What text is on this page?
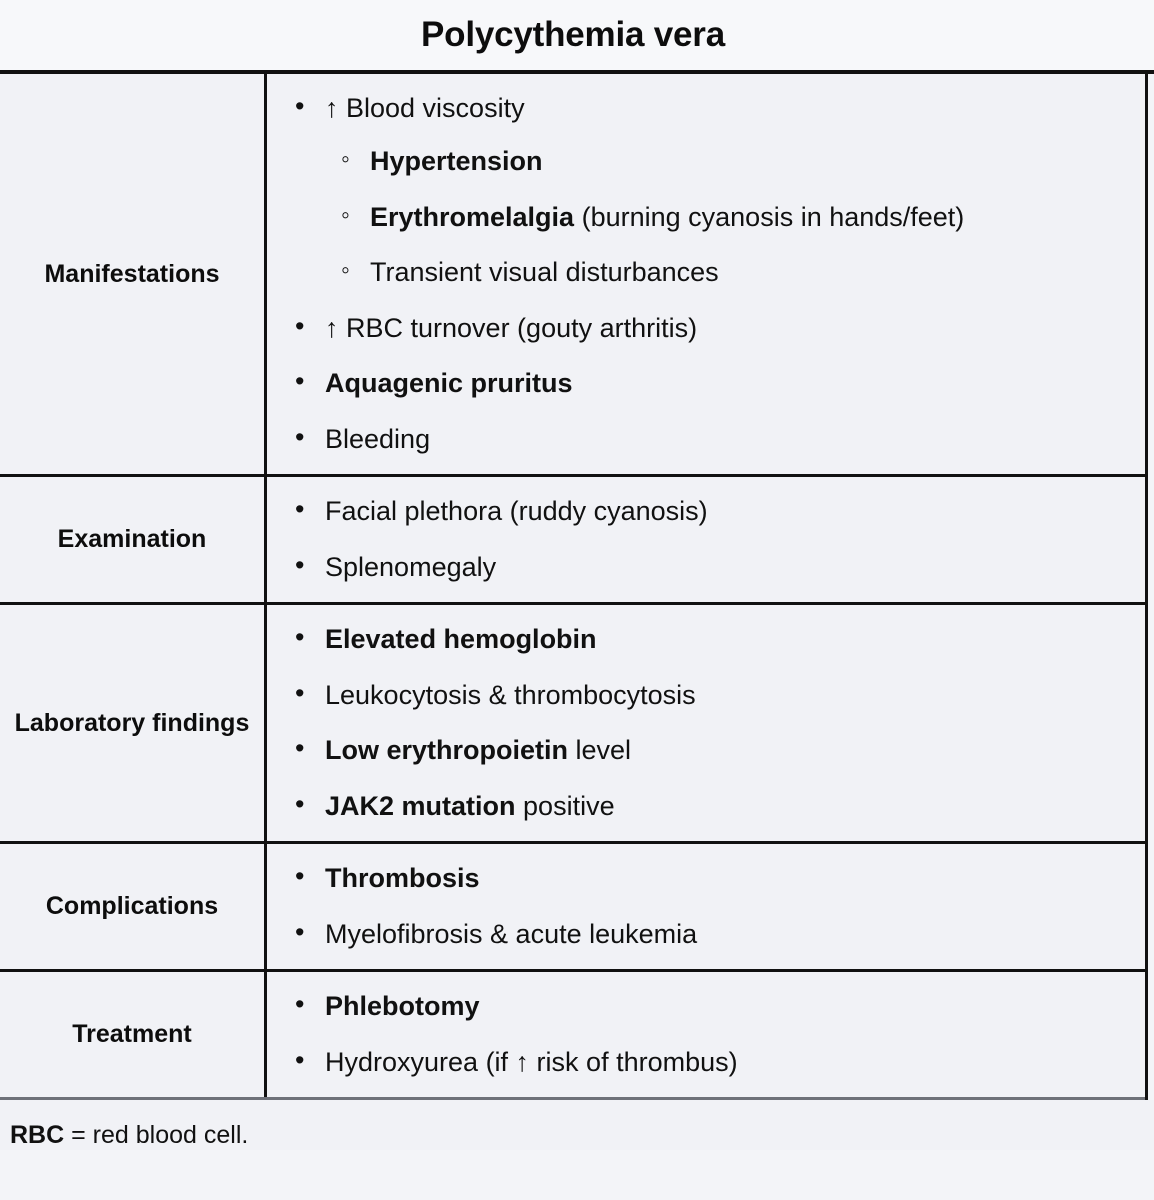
Polycythemia vera
Manifestations
• ↑ Blood viscosity
◦ Hypertension
◦ Erythromelalgia (burning cyanosis in hands/feet)
◦ Transient visual disturbances
• ↑ RBC turnover (gouty arthritis)
• Aquagenic pruritus
• Bleeding
Examination
• Facial plethora (ruddy cyanosis)
• Splenomegaly
Laboratory findings
• Elevated hemoglobin
• Leukocytosis & thrombocytosis
• Low erythropoietin level
• JAK2 mutation positive
Complications
• Thrombosis
• Myelofibrosis & acute leukemia
Treatment
• Phlebotomy
• Hydroxyurea (if ↑ risk of thrombus)
RBC = red blood cell.
